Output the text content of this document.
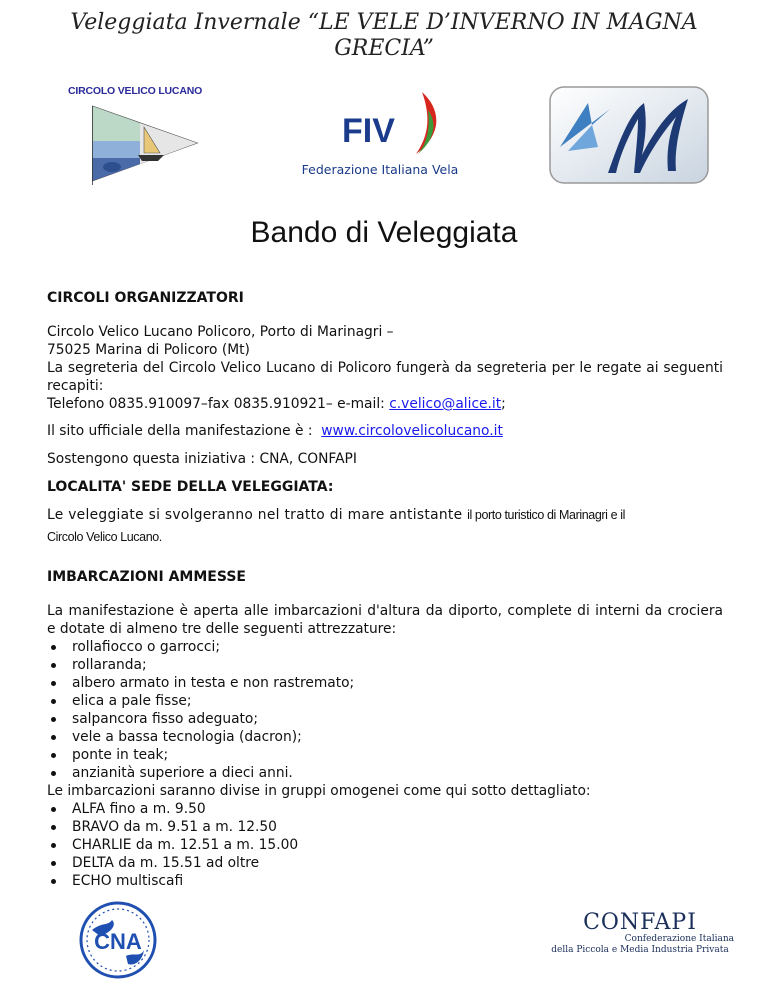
Veleggiata Invernale “LE VELE D’INVERNO IN MAGNA
GRECIA”
CIRCOLO VELICO LUCANO
FIV
Federazione Italiana Vela
Bando di Veleggiata

CIRCOLI ORGANIZZATORI

Circolo Velico Lucano Policoro, Porto di Marinagri –

75025 Marina di Policoro (Mt)

La segreteria del Circolo Velico Lucano di Policoro fungerà da segreteria per le regate ai seguenti recapiti:

Telefono 0835.910097–fax 0835.910921– e-mail: c.velico@alice.it;

Il sito ufficiale della manifestazione è :  www.circolovelicolucano.it

Sostengono questa iniziativa : CNA, CONFAPI

LOCALITA' SEDE DELLA VELEGGIATA:

Le veleggiate si svolgeranno nel tratto di mare antistante il porto turistico di Marinagri e il
Circolo Velico Lucano.

IMBARCAZIONI AMMESSE

La manifestazione è aperta alle imbarcazioni d'altura da diporto, complete di interni da crociera e dotate di almeno tre delle seguenti attrezzature:

rollafiocco o garrocci;
rollaranda;
albero armato in testa e non rastremato;
elica a pale fisse;
salpancora fisso adeguato;
vele a bassa tecnologia (dacron);
ponte in teak;
anzianità superiore a dieci anni.

Le imbarcazioni saranno divise in gruppi omogenei come qui sotto dettagliato:

ALFA fino a m. 9.50
BRAVO da m. 9.51 a m. 12.50
CHARLIE da m. 12.51 a m. 15.00
DELTA da m. 15.51 ad oltre
ECHO multiscafi
CNA
CONFAPI
Confederazione Italiana
della Piccola e Media Industria Privata
